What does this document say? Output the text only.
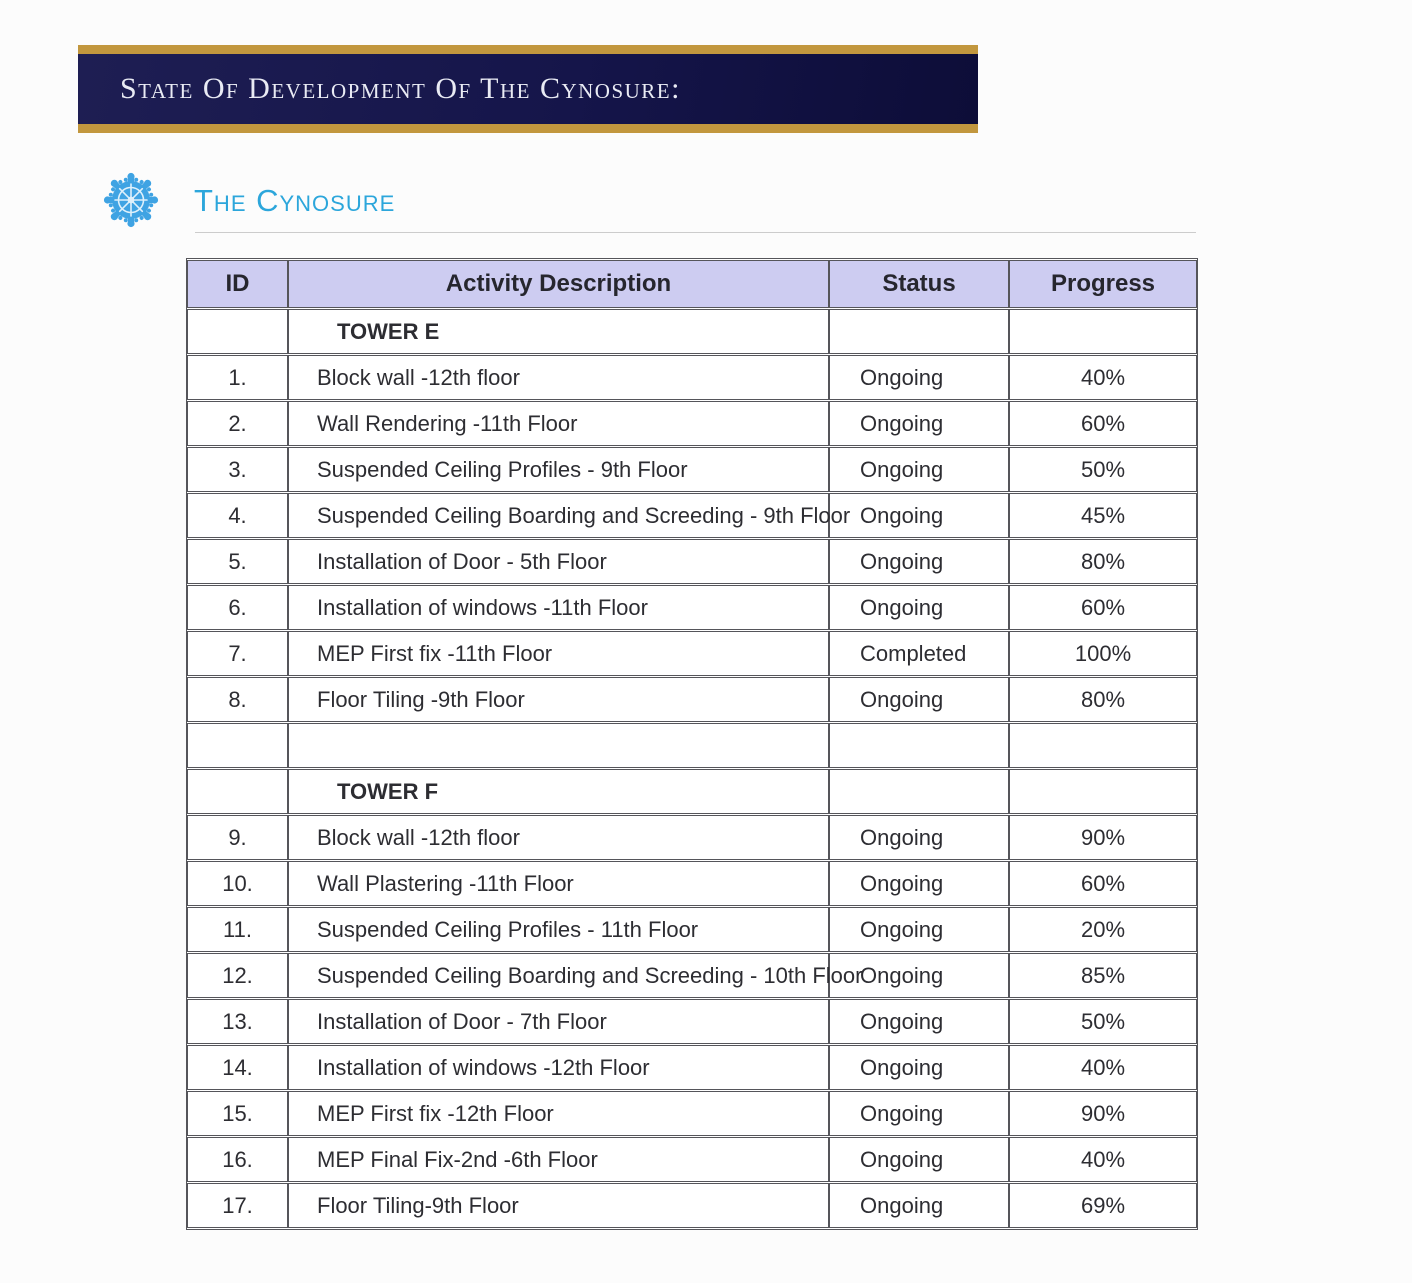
State Of Development Of The Cynosure:
The Cynosure
ID	Activity Description	Status	Progress
	TOWER E		
1.	Block wall -12th floor	Ongoing	40%
2.	Wall Rendering -11th Floor	Ongoing	60%
3.	Suspended Ceiling Profiles - 9th Floor	Ongoing	50%
4.	Suspended Ceiling Boarding and Screeding - 9th Floor	Ongoing	45%
5.	Installation of Door - 5th Floor	Ongoing	80%
6.	Installation of windows -11th Floor	Ongoing	60%
7.	MEP First fix -11th Floor	Completed	100%
8.	Floor Tiling -9th Floor	Ongoing	80%

	TOWER F		
9.	Block wall -12th floor	Ongoing	90%
10.	Wall Plastering -11th Floor	Ongoing	60%
11.	Suspended Ceiling Profiles - 11th Floor	Ongoing	20%
12.	Suspended Ceiling Boarding and Screeding - 10th Floor	Ongoing	85%
13.	Installation of Door - 7th Floor	Ongoing	50%
14.	Installation of windows -12th Floor	Ongoing	40%
15.	MEP First fix -12th Floor	Ongoing	90%
16.	MEP Final Fix-2nd -6th Floor	Ongoing	40%
17.	Floor Tiling-9th Floor	Ongoing	69%
